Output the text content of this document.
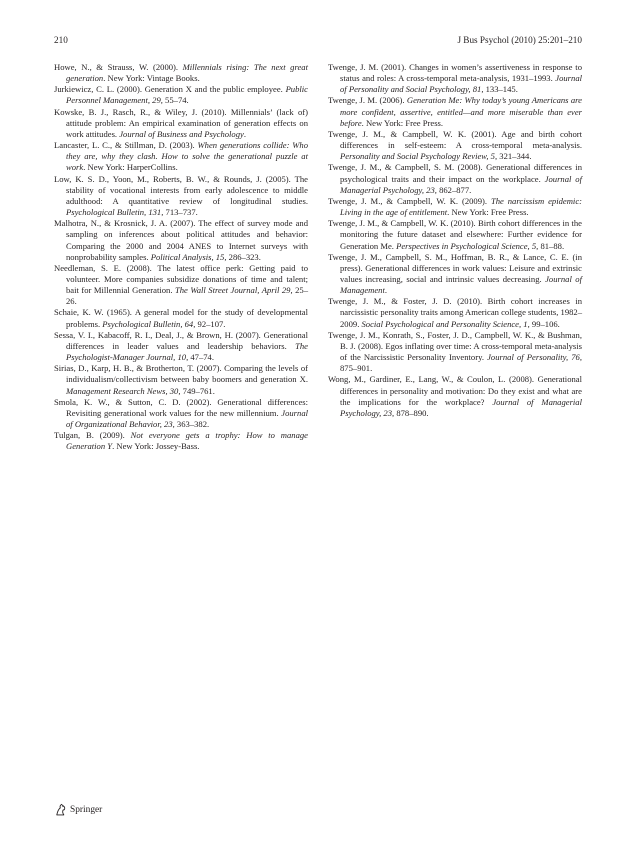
210	J Bus Psychol (2010) 25:201–210

Howe, N., & Strauss, W. (2000). Millennials rising: The next great generation. New York: Vintage Books.

Jurkiewicz, C. L. (2000). Generation X and the public employee. Public Personnel Management, 29, 55–74.

Kowske, B. J., Rasch, R., & Wiley, J. (2010). Millennials’ (lack of) attitude problem: An empirical examination of generation effects on work attitudes. Journal of Business and Psychology.

Lancaster, L. C., & Stillman, D. (2003). When generations collide: Who they are, why they clash. How to solve the generational puzzle at work. New York: HarperCollins.

Low, K. S. D., Yoon, M., Roberts, B. W., & Rounds, J. (2005). The stability of vocational interests from early adolescence to middle adulthood: A quantitative review of longitudinal studies. Psychological Bulletin, 131, 713–737.

Malhotra, N., & Krosnick, J. A. (2007). The effect of survey mode and sampling on inferences about political attitudes and behavior: Comparing the 2000 and 2004 ANES to Internet surveys with nonprobability samples. Political Analysis, 15, 286–323.

Needleman, S. E. (2008). The latest office perk: Getting paid to volunteer. More companies subsidize donations of time and talent; bait for Millennial Generation. The Wall Street Journal, April 29, 25–26.

Schaie, K. W. (1965). A general model for the study of developmental problems. Psychological Bulletin, 64, 92–107.

Sessa, V. I., Kabacoff, R. I., Deal, J., & Brown, H. (2007). Generational differences in leader values and leadership behaviors. The Psychologist-Manager Journal, 10, 47–74.

Sirias, D., Karp, H. B., & Brotherton, T. (2007). Comparing the levels of individualism/collectivism between baby boomers and generation X. Management Research News, 30, 749–761.

Smola, K. W., & Sutton, C. D. (2002). Generational differences: Revisiting generational work values for the new millennium. Journal of Organizational Behavior, 23, 363–382.

Tulgan, B. (2009). Not everyone gets a trophy: How to manage Generation Y. New York: Jossey-Bass.

Twenge, J. M. (2001). Changes in women’s assertiveness in response to status and roles: A cross-temporal meta-analysis, 1931–1993. Journal of Personality and Social Psychology, 81, 133–145.

Twenge, J. M. (2006). Generation Me: Why today’s young Americans are more confident, assertive, entitled—and more miserable than ever before. New York: Free Press.

Twenge, J. M., & Campbell, W. K. (2001). Age and birth cohort differences in self-esteem: A cross-temporal meta-analysis. Personality and Social Psychology Review, 5, 321–344.

Twenge, J. M., & Campbell, S. M. (2008). Generational differences in psychological traits and their impact on the workplace. Journal of Managerial Psychology, 23, 862–877.

Twenge, J. M., & Campbell, W. K. (2009). The narcissism epidemic: Living in the age of entitlement. New York: Free Press.

Twenge, J. M., & Campbell, W. K. (2010). Birth cohort differences in the monitoring the future dataset and elsewhere: Further evidence for Generation Me. Perspectives in Psychological Science, 5, 81–88.

Twenge, J. M., Campbell, S. M., Hoffman, B. R., & Lance, C. E. (in press). Generational differences in work values: Leisure and extrinsic values increasing, social and intrinsic values decreasing. Journal of Management.

Twenge, J. M., & Foster, J. D. (2010). Birth cohort increases in narcissistic personality traits among American college students, 1982–2009. Social Psychological and Personality Science, 1, 99–106.

Twenge, J. M., Konrath, S., Foster, J. D., Campbell, W. K., & Bushman, B. J. (2008). Egos inflating over time: A cross-temporal meta-analysis of the Narcissistic Personality Inventory. Journal of Personality, 76, 875–901.

Wong, M., Gardiner, E., Lang, W., & Coulon, L. (2008). Generational differences in personality and motivation: Do they exist and what are the implications for the workplace? Journal of Managerial Psychology, 23, 878–890.

Springer
